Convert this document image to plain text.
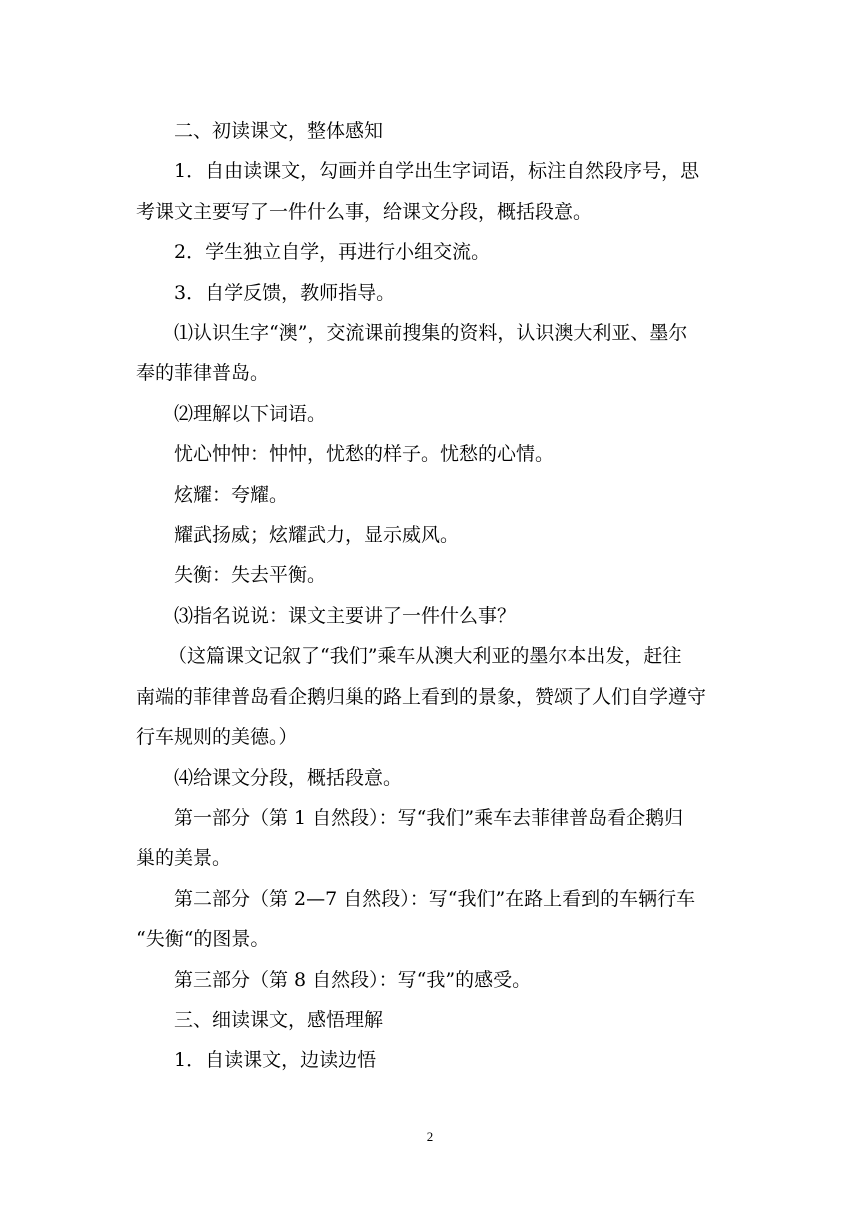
二、初读课文，整体感知

1．自由读课文，勾画并自学出生字词语，标注自然段序号，思

考课文主要写了一件什么事，给课文分段，概括段意。

2．学生独立自学，再进行小组交流。

3．自学反馈，教师指导。

⑴认识生字“澳”，交流课前搜集的资料，认识澳大利亚、墨尔

奉的菲律普岛。

⑵理解以下词语。

忧心忡忡：忡忡，忧愁的样子。忧愁的心情。

炫耀：夸耀。

耀武扬威；炫耀武力，显示威风。

失衡：失去平衡。

⑶指名说说：课文主要讲了一件什么事？

（这篇课文记叙了“我们”乘车从澳大利亚的墨尔本出发，赶往

南端的菲律普岛看企鹅归巢的路上看到的景象，赞颂了人们自学遵守

行车规则的美德。）

⑷给课文分段，概括段意。

第一部分（第 1 自然段）：写“我们”乘车去菲律普岛看企鹅归

巢的美景。

第二部分（第 2—7 自然段）：写“我们”在路上看到的车辆行车

“失衡“的图景。

第三部分（第 8 自然段）：写“我”的感受。

三、细读课文，感悟理解

1．自读课文，边读边悟

2
